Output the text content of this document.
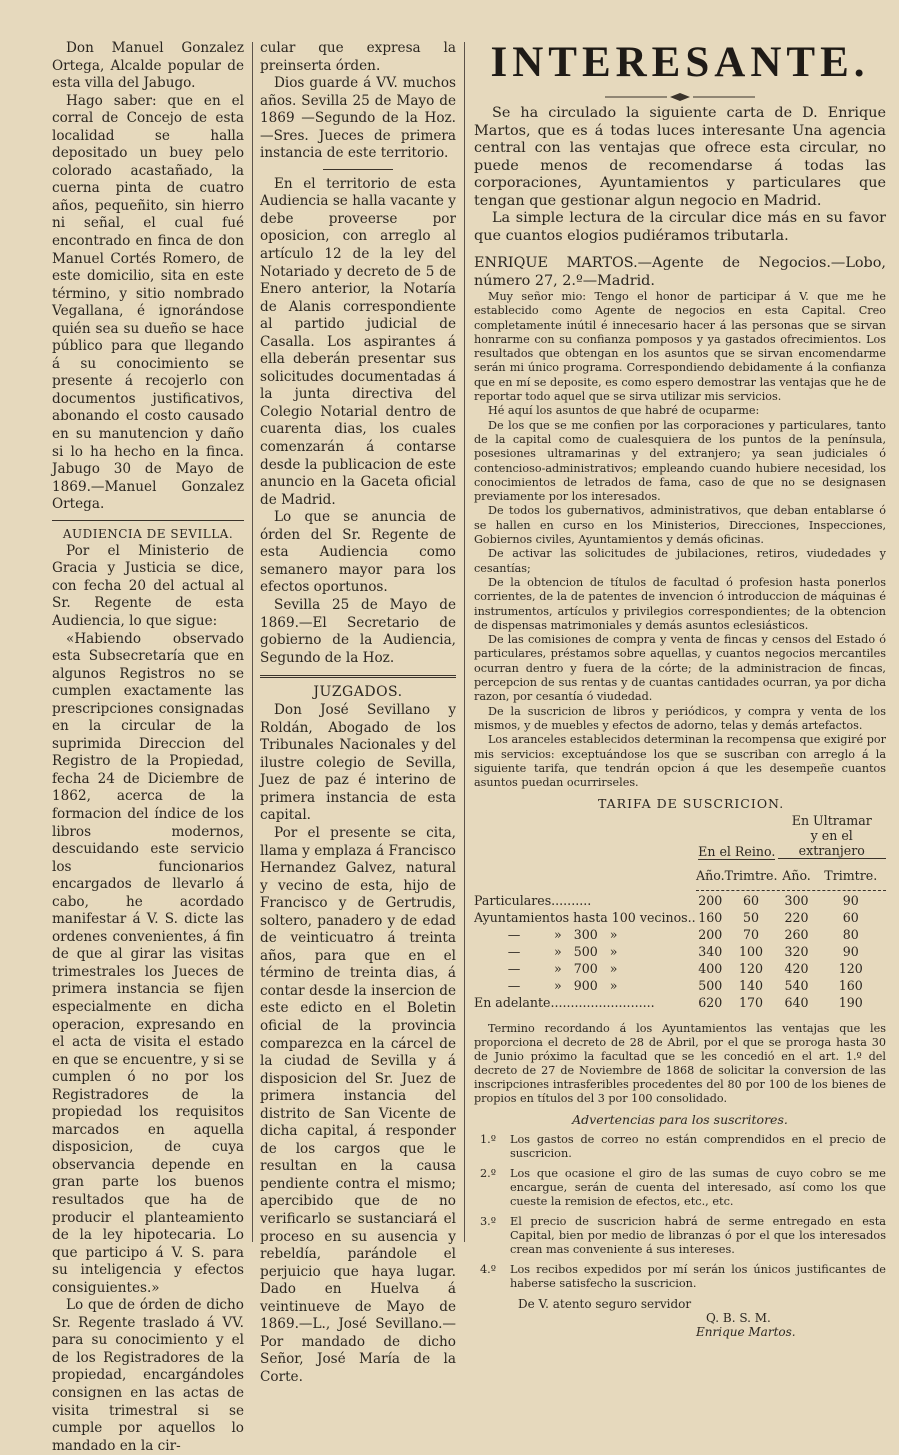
Don Manuel Gonzalez Ortega, Alcalde popular de esta villa del Jabugo.

Hago saber: que en el corral de Concejo de esta localidad se halla depositado un buey pelo colorado acastañado, la cuerna pinta de cuatro años, pequeñito, sin hierro ni señal, el cual fué encontrado en finca de don Manuel Cortés Romero, de este domicilio, sita en este término, y sitio nombrado Vegallana, é ignorándose quién sea su dueño se hace público para que llegando á su conocimiento se presente á recojerlo con documentos justificativos, abonando el costo causado en su manutencion y daño si lo ha hecho en la finca. Jabugo 30 de Mayo de 1869.—Manuel Gonzalez Ortega.

AUDIENCIA DE SEVILLA.

Por el Ministerio de Gracia y Justicia se dice, con fecha 20 del actual al Sr. Regente de esta Audiencia, lo que sigue:

«Habiendo observado esta Subsecretaría que en algunos Registros no se cumplen exactamente las prescripciones consignadas en la circular de la suprimida Direccion del Registro de la Propiedad, fecha 24 de Diciembre de 1862, acerca de la formacion del índice de los libros modernos, descuidando este servicio los funcionarios encargados de llevarlo á cabo, he acordado manifestar á V. S. dicte las ordenes convenientes, á fin de que al girar las visitas trimestrales los Jueces de primera instancia se fijen especialmente en dicha operacion, expresando en el acta de visita el estado en que se encuentre, y si se cumplen ó no por los Registradores de la propiedad los requisitos marcados en aquella disposicion, de cuya observancia depende en gran parte los buenos resultados que ha de producir el planteamiento de la ley hipotecaria. Lo que participo á V. S. para su inteligencia y efectos consiguientes.»

Lo que de órden de dicho Sr. Regente traslado á VV. para su conocimiento y el de los Registradores de la propiedad, encargándoles consignen en las actas de visita trimestral si se cumple por aquellos lo mandado en la cir-

cular que expresa la preinserta órden.

Dios guarde á VV. muchos años. Sevilla 25 de Mayo de 1869 —Segundo de la Hoz.—Sres. Jueces de primera instancia de este territorio.

En el territorio de esta Audiencia se halla vacante y debe proveerse por oposicion, con arreglo al artículo 12 de la ley del Notariado y decreto de 5 de Enero anterior, la Notaría de Alanis correspondiente al partido judicial de Casalla. Los aspirantes á ella deberán presentar sus solicitudes documentadas á la junta directiva del Colegio Notarial dentro de cuarenta dias, los cuales comenzarán á contarse desde la publicacion de este anuncio en la Gaceta oficial de Madrid.

Lo que se anuncia de órden del Sr. Regente de esta Audiencia como semanero mayor para los efectos oportunos.

Sevilla 25 de Mayo de 1869.—El Secretario de gobierno de la Audiencia, Segundo de la Hoz.

JUZGADOS.

Don José Sevillano y Roldán, Abogado de los Tribunales Nacionales y del ilustre colegio de Sevilla, Juez de paz é interino de primera instancia de esta capital.

Por el presente se cita, llama y emplaza á Francisco Hernandez Galvez, natural y vecino de esta, hijo de Francisco y de Gertrudis, soltero, panadero y de edad de veinticuatro á treinta años, para que en el término de treinta dias, á contar desde la insercion de este edicto en el Boletin oficial de la provincia comparezca en la cárcel de la ciudad de Sevilla y á disposicion del Sr. Juez de primera instancia del distrito de San Vicente de dicha capital, á responder de los cargos que le resultan en la causa pendiente contra el mismo; apercibido que de no verificarlo se sustanciará el proceso en su ausencia y rebeldía, parándole el perjuicio que haya lugar. Dado en Huelva á veintinueve de Mayo de 1869.—L., José Sevillano.—Por mandado de dicho Señor, José María de la Corte.

INTERESANTE.

Se ha circulado la siguiente carta de D. Enrique Martos, que es á todas luces interesante Una agencia central con las ventajas que ofrece esta circular, no puede menos de recomendarse á todas las corporaciones, Ayuntamientos y particulares que tengan que gestionar algun negocio en Madrid.

La simple lectura de la circular dice más en su favor que cuantos elogios pudiéramos tributarla.

ENRIQUE MARTOS.—Agente de Negocios.—Lobo, número 27, 2.º—Madrid.

Muy señor mio: Tengo el honor de participar á V. que me he establecido como Agente de negocios en esta Capital. Creo completamente inútil é innecesario hacer á las personas que se sirvan honrarme con su confianza pomposos y ya gastados ofrecimientos. Los resultados que obtengan en los asuntos que se sirvan encomendarme serán mi único programa. Correspondiendo debidamente á la confianza que en mí se deposite, es como espero demostrar las ventajas que he de reportar todo aquel que se sirva utilizar mis servicios.

Hé aquí los asuntos de que habré de ocuparme:

De los que se me confien por las corporaciones y particulares, tanto de la capital como de cualesquiera de los puntos de la península, posesiones ultramarinas y del extranjero; ya sean judiciales ó contencioso-administrativos; empleando cuando hubiere necesidad, los conocimientos de letrados de fama, caso de que no se designasen previamente por los interesados.

De todos los gubernativos, administrativos, que deban entablarse ó se hallen en curso en los Ministerios, Direcciones, Inspecciones, Gobiernos civiles, Ayuntamientos y demás oficinas.

De activar las solicitudes de jubilaciones, retiros, viudedades y cesantías;

De la obtencion de títulos de facultad ó profesion hasta ponerlos corrientes, de la de patentes de invencion ó introduccion de máquinas é instrumentos, artículos y privilegios correspondientes; de la obtencion de dispensas matrimoniales y demás asuntos eclesiásticos.

De las comisiones de compra y venta de fincas y censos del Estado ó particulares, préstamos sobre aquellas, y cuantos negocios mercantiles ocurran dentro y fuera de la córte; de la administracion de fincas, percepcion de sus rentas y de cuantas cantidades ocurran, ya por dicha razon, por cesantía ó viudedad.

De la suscricion de libros y periódicos, y compra y venta de los mismos, y de muebles y efectos de adorno, telas y demás artefactos.

Los aranceles establecidos determinan la recompensa que exigiré por mis servicios: exceptuándose los que se suscriban con arreglo á la siguiente tarifa, que tendrán opcion á que les desempeñe cuantos asuntos puedan ocurrirseles.

TARIFA DE SUSCRICION.
	En el Reino.		En Ultramar
y en el extranjero	
	Año.	Trimtre.	Año.	Trimtre.

Particulares..........	200	60	300	90
Ayuntamientos hasta 100 vecinos..	160	50	220	60
— »   300   »	200	70	260	80
— »   500   »	340	100	320	90
— »   700   »	400	120	420	120
— »   900   »	500	140	540	160
En adelante..........................	620	170	640	190

Termino recordando á los Ayuntamientos las ventajas que les proporciona el decreto de 28 de Abril, por el que se proroga hasta 30 de Junio próximo la facultad que se les concedió en el art. 1.º del decreto de 27 de Noviembre de 1868 de solicitar la conversion de las inscripciones intrasferibles procedentes del 80 por 100 de los bienes de propios en títulos del 3 por 100 consolidado.

Advertencias para los suscritores.
1.º	Los gastos de correo no están comprendidos en el precio de suscricion.
2.º	Los que ocasione el giro de las sumas de cuyo cobro se me encargue, serán de cuenta del interesado, así como los que cueste la remision de efectos, etc., etc.
3.º	El precio de suscricion habrá de serme entregado en esta Capital, bien por medio de libranzas ó por el que los interesados crean mas conveniente á sus intereses.
4.º	Los recibos expedidos por mí serán los únicos justificantes de haberse satisfecho la suscricion.
De V. atento seguro servidor
Q. B. S. M.
Enrique Martos.
